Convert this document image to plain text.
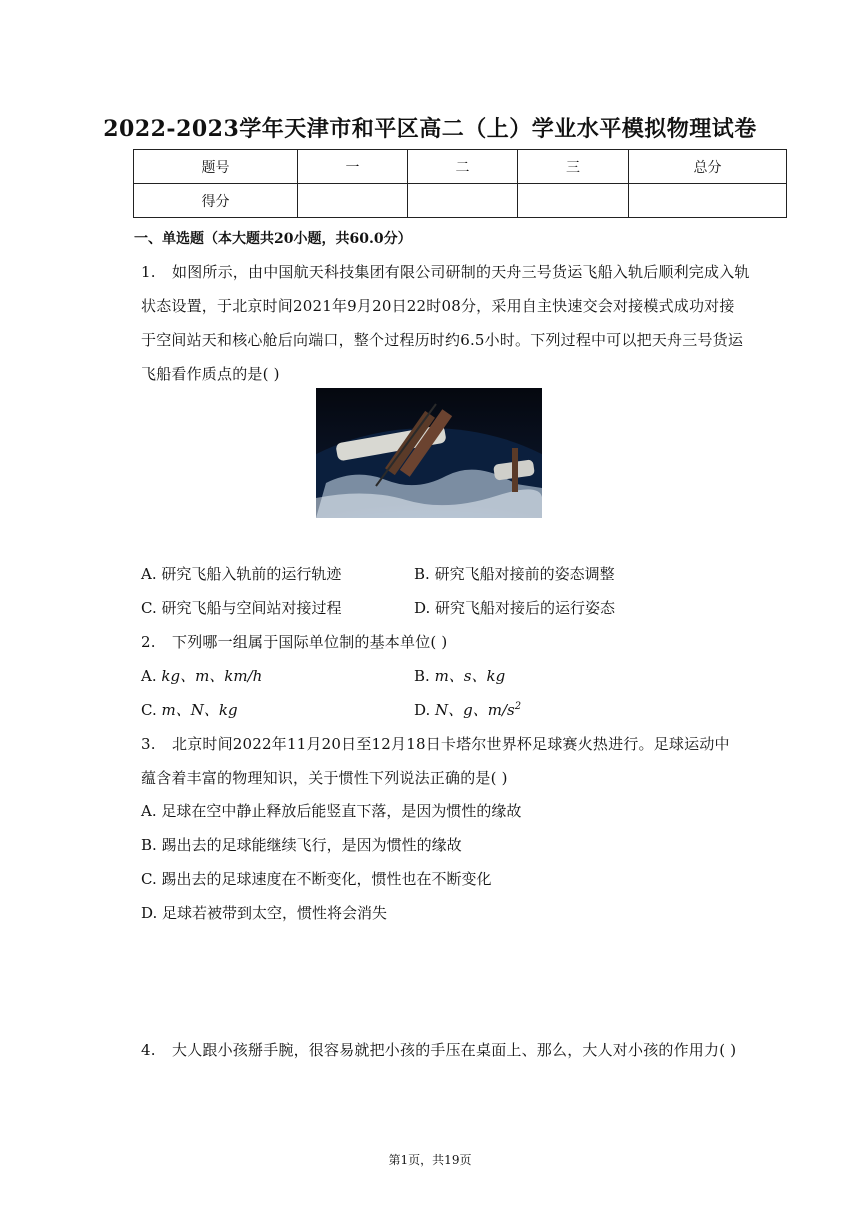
2022-2023学年天津市和平区高二（上）学业水平模拟物理试卷
题号	一	二	三	总分
得分				
一、单选题（本大题共20小题，共60.0分）
1. 如图所示，由中国航天科技集团有限公司研制的天舟三号货运飞船入轨后顺利完成入轨
状态设置，于北京时间2021年9月20日22时08分，采用自主快速交会对接模式成功对接
于空间站天和核心舱后向端口，整个过程历时约6.5小时。下列过程中可以把天舟三号货运
飞船看作质点的是( )
A. 研究飞船入轨前的运行轨迹	B. 研究飞船对接前的姿态调整
C. 研究飞船与空间站对接过程	D. 研究飞船对接后的运行姿态
2. 下列哪一组属于国际单位制的基本单位( )
A. kg、m、km/h	B. m、s、kg
C. m、N、kg	D. N、g、$m/s^2$
3. 北京时间2022年11月20日至12月18日卡塔尔世界杯足球赛火热进行。足球运动中
蕴含着丰富的物理知识，关于惯性下列说法正确的是( )
A. 足球在空中静止释放后能竖直下落，是因为惯性的缘故
B. 踢出去的足球能继续飞行，是因为惯性的缘故
C. 踢出去的足球速度在不断变化，惯性也在不断变化
D. 足球若被带到太空，惯性将会消失
4. 大人跟小孩掰手腕，很容易就把小孩的手压在桌面上、那么，大人对小孩的作用力( )
第1页，共19页
